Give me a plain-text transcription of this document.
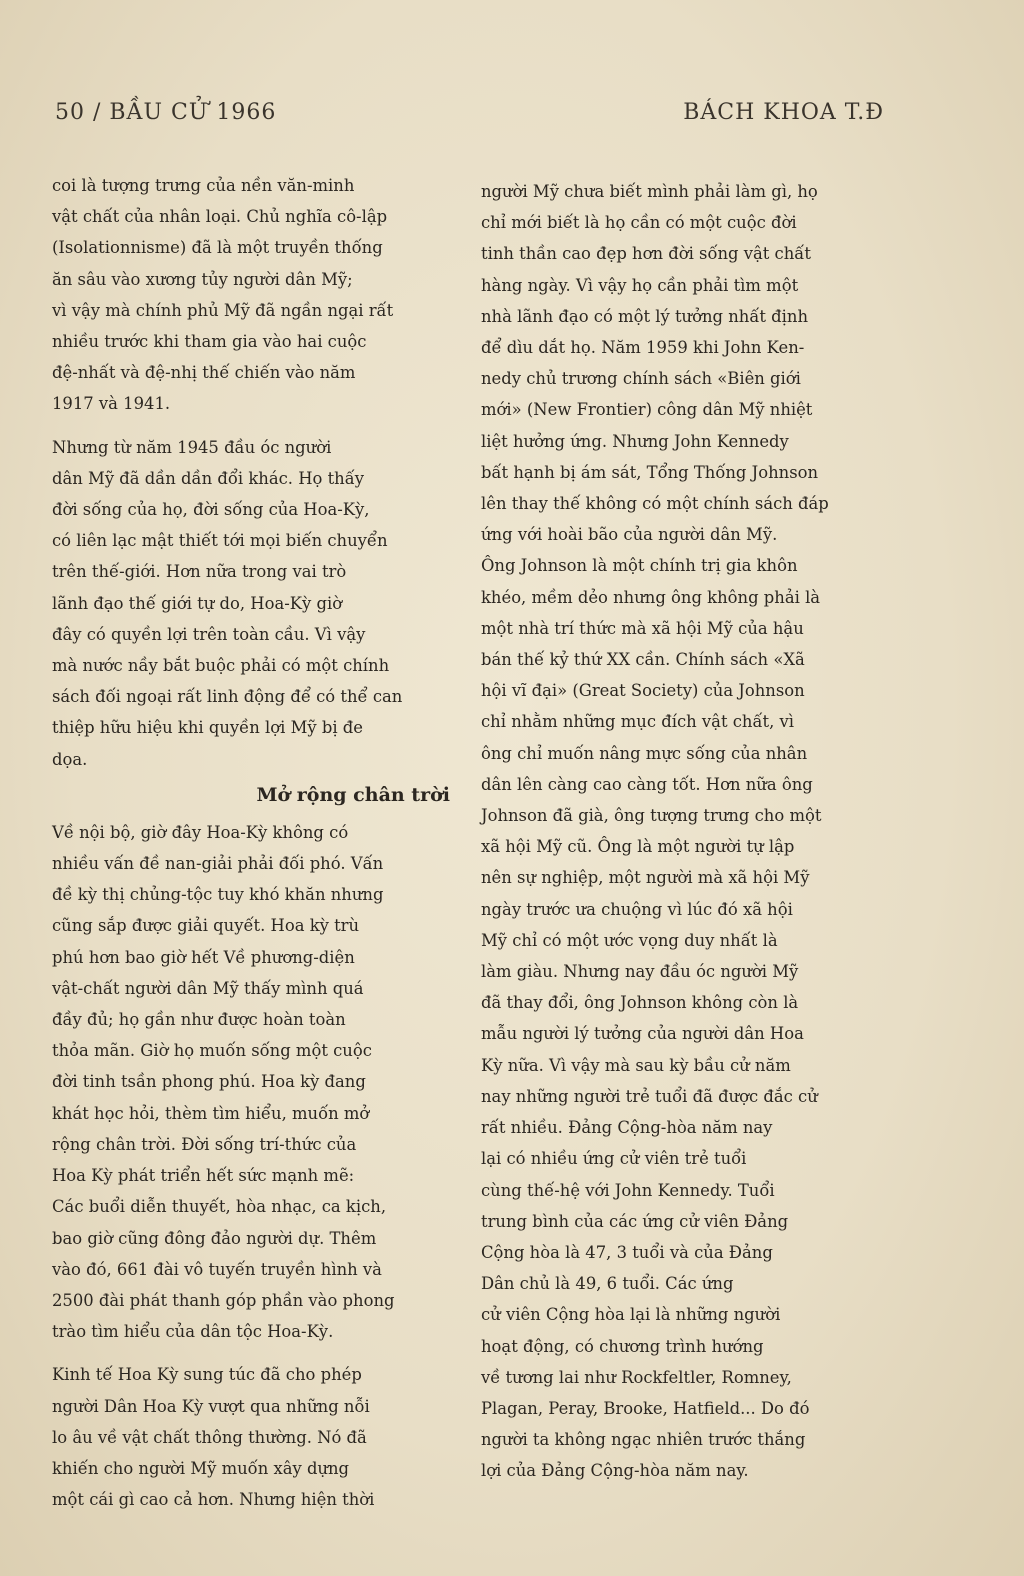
50 / BẦU CỬ 1966	BÁCH KHOA T.Đ

coi là tượng trưng của nền văn-minh
vật chất của nhân loại. Chủ nghĩa cô-lập
(Isolationnisme) đã là một truyền thống
ăn sâu vào xương tủy người dân Mỹ;
vì vậy mà chính phủ Mỹ đã ngần ngại rất
nhiều trước khi tham gia vào hai cuộc
đệ-nhất và đệ-nhị thế chiến vào năm
1917 và 1941.

Nhưng từ năm 1945 đầu óc người
dân Mỹ đã dần dần đổi khác. Họ thấy
đời sống của họ, đời sống của Hoa-Kỳ,
có liên lạc mật thiết tới mọi biến chuyển
trên thế-giới. Hơn nữa trong vai trò
lãnh đạo thế giới tự do, Hoa-Kỳ giờ
đây có quyền lợi trên toàn cầu. Vì vậy
mà nước nầy bắt buộc phải có một chính
sách đối ngoại rất linh động để có thể can
thiệp hữu hiệu khi quyền lợi Mỹ bị đe
dọa.

Mở rộng chân trời

Về nội bộ, giờ đây Hoa-Kỳ không có
nhiều vấn đề nan-giải phải đối phó. Vấn
đề kỳ thị chủng-tộc tuy khó khăn nhưng
cũng sắp được giải quyết. Hoa kỳ trù
phú hơn bao giờ hết Về phương-diện
vật-chất người dân Mỹ thấy mình quá
đầy đủ; họ gần như được hoàn toàn
thỏa mãn. Giờ họ muốn sống một cuộc
đời tinh tsần phong phú. Hoa kỳ đang
khát học hỏi, thèm tìm hiểu, muốn mở
rộng chân trời. Đời sống trí-thức của
Hoa Kỳ phát triển hết sức mạnh mẽ:
Các buổi diễn thuyết, hòa nhạc, ca kịch,
bao giờ cũng đông đảo người dự. Thêm
vào đó, 661 đài vô tuyến truyền hình và
2500 đài phát thanh góp phần vào phong
trào tìm hiểu của dân tộc Hoa-Kỳ.

Kinh tế Hoa Kỳ sung túc đã cho phép
người Dân Hoa Kỳ vượt qua những nỗi
lo âu về vật chất thông thường. Nó đã
khiến cho người Mỹ muốn xây dựng
một cái gì cao cả hơn. Nhưng hiện thời

người Mỹ chưa biết mình phải làm gì, họ
chỉ mới biết là họ cần có một cuộc đời
tinh thần cao đẹp hơn đời sống vật chất
hàng ngày. Vì vậy họ cần phải tìm một
nhà lãnh đạo có một lý tưởng nhất định
để dìu dắt họ. Năm 1959 khi John Ken-
nedy chủ trương chính sách «Biên giới
mới» (New Frontier) công dân Mỹ nhiệt
liệt hưởng ứng. Nhưng John Kennedy
bất hạnh bị ám sát, Tổng Thống Johnson
lên thay thế không có một chính sách đáp
ứng với hoài bão của người dân Mỹ.
Ông Johnson là một chính trị gia khôn
khéo, mềm dẻo nhưng ông không phải là
một nhà trí thức mà xã hội Mỹ của hậu
bán thế kỷ thứ XX cần. Chính sách «Xã
hội vĩ đại» (Great Society) của Johnson
chỉ nhằm những mục đích vật chất, vì
ông chỉ muốn nâng mực sống của nhân
dân lên càng cao càng tốt. Hơn nữa ông
Johnson đã già, ông tượng trưng cho một
xã hội Mỹ cũ. Ông là một người tự lập
nên sự nghiệp, một người mà xã hội Mỹ
ngày trước ưa chuộng vì lúc đó xã hội
Mỹ chỉ có một ước vọng duy nhất là
làm giàu. Nhưng nay đầu óc người Mỹ
đã thay đổi, ông Johnson không còn là
mẫu người lý tưởng của người dân Hoa
Kỳ nữa. Vì vậy mà sau kỳ bầu cử năm
nay những người trẻ tuổi đã được đắc cử
rất nhiều. Đảng Cộng-hòa năm nay
lại có nhiều ứng cử viên trẻ tuổi
cùng thế-hệ với John Kennedy. Tuổi
trung bình của các ứng cử viên Đảng
Cộng hòa là 47, 3 tuổi và của Đảng
Dân chủ là 49, 6 tuổi. Các ứng
cử viên Cộng hòa lại là những người
hoạt động, có chương trình hướng
về tương lai như Rockfeltler, Romney,
Plagan, Peray, Brooke, Hatfield... Do đó
người ta không ngạc nhiên trước thắng
lợi của Đảng Cộng-hòa năm nay.
